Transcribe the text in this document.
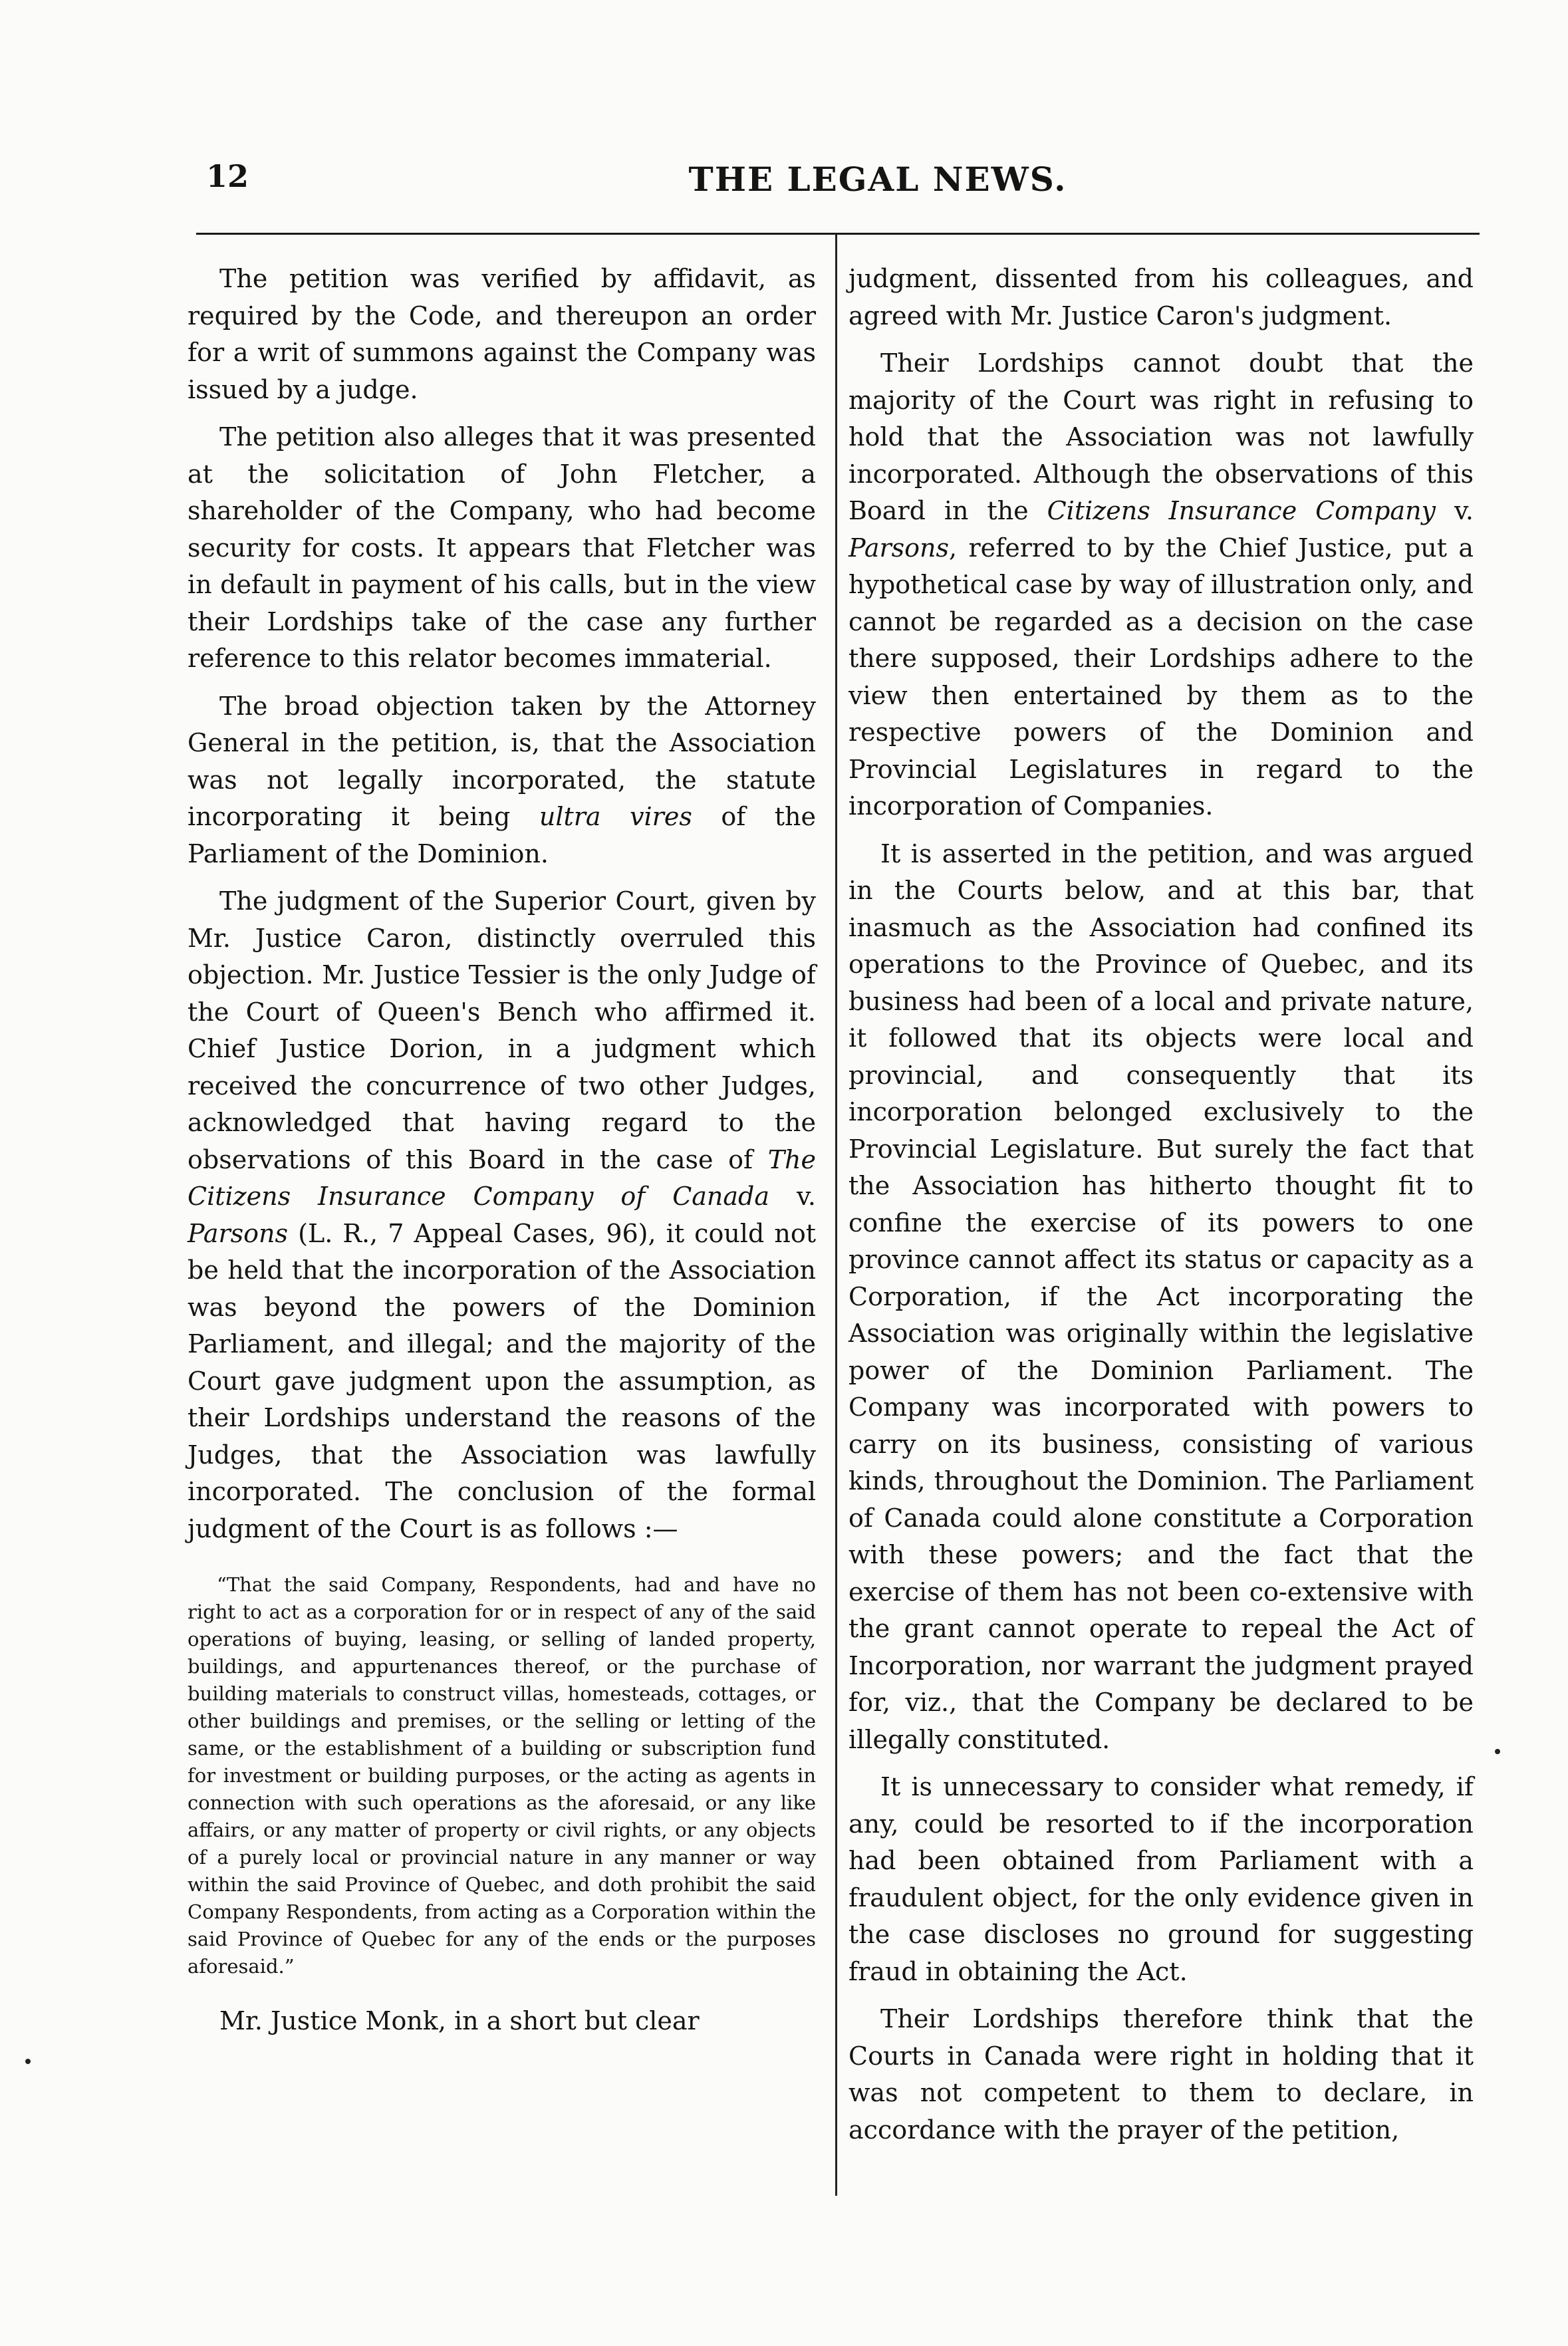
12	THE LEGAL NEWS.

The petition was verified by affidavit, as required by the Code, and thereupon an order for a writ of summons against the Company was issued by a judge.

The petition also alleges that it was presented at the solicitation of John Fletcher, a shareholder of the Company, who had become security for costs. It appears that Fletcher was in default in payment of his calls, but in the view their Lordships take of the case any further reference to this relator becomes immaterial.

The broad objection taken by the Attorney General in the petition, is, that the Association was not legally incorporated, the statute incorporating it being ultra vires of the Parliament of the Dominion.

The judgment of the Superior Court, given by Mr. Justice Caron, distinctly overruled this objection. Mr. Justice Tessier is the only Judge of the Court of Queen's Bench who affirmed it. Chief Justice Dorion, in a judgment which received the concurrence of two other Judges, acknowledged that having regard to the observations of this Board in the case of The Citizens Insurance Company of Canada v. Parsons (L. R., 7 Appeal Cases, 96), it could not be held that the incorporation of the Association was beyond the powers of the Dominion Parliament, and illegal; and the majority of the Court gave judgment upon the assumption, as their Lordships understand the reasons of the Judges, that the Association was lawfully incorporated. The conclusion of the formal judgment of the Court is as follows :—

“That the said Company, Respondents, had and have no right to act as a corporation for or in respect of any of the said operations of buying, leasing, or selling of landed property, buildings, and appurtenances thereof, or the purchase of building materials to construct villas, homesteads, cottages, or other buildings and premises, or the selling or letting of the same, or the establishment of a building or subscription fund for investment or building purposes, or the acting as agents in connection with such operations as the aforesaid, or any like affairs, or any matter of property or civil rights, or any objects of a purely local or provincial nature in any manner or way within the said Province of Quebec, and doth prohibit the said Company Respondents, from acting as a Corporation within the said Province of Quebec for any of the ends or the purposes aforesaid.”

Mr. Justice Monk, in a short but clear

judgment, dissented from his colleagues, and agreed with Mr. Justice Caron's judgment.

Their Lordships cannot doubt that the majority of the Court was right in refusing to hold that the Association was not lawfully incorporated. Although the observations of this Board in the Citizens Insurance Company v. Parsons, referred to by the Chief Justice, put a hypothetical case by way of illustration only, and cannot be regarded as a decision on the case there supposed, their Lordships adhere to the view then entertained by them as to the respective powers of the Dominion and Provincial Legislatures in regard to the incorporation of Companies.

It is asserted in the petition, and was argued in the Courts below, and at this bar, that inasmuch as the Association had confined its operations to the Province of Quebec, and its business had been of a local and private nature, it followed that its objects were local and provincial, and consequently that its incorporation belonged exclusively to the Provincial Legislature. But surely the fact that the Association has hitherto thought fit to confine the exercise of its powers to one province cannot affect its status or capacity as a Corporation, if the Act incorporating the Association was originally within the legislative power of the Dominion Parliament. The Company was incorporated with powers to carry on its business, consisting of various kinds, throughout the Dominion. The Parliament of Canada could alone constitute a Corporation with these powers; and the fact that the exercise of them has not been co-extensive with the grant cannot operate to repeal the Act of Incorporation, nor warrant the judgment prayed for, viz., that the Company be declared to be illegally constituted.

It is unnecessary to consider what remedy, if any, could be resorted to if the incorporation had been obtained from Parliament with a fraudulent object, for the only evidence given in the case discloses no ground for suggesting fraud in obtaining the Act.

Their Lordships therefore think that the Courts in Canada were right in holding that it was not competent to them to declare, in accordance with the prayer of the petition,
